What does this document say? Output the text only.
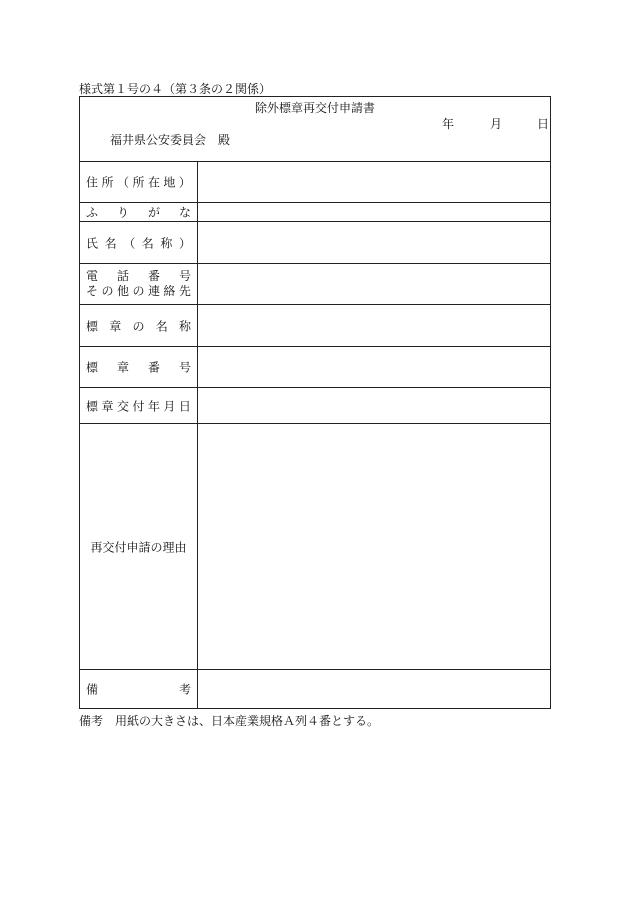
様式第１号の４（第３条の２関係）
除外標章再交付申請書
年	月	日
福井県公安委員会　殿
住 所 （ 所 在 地 ）
ふ り が な
氏 名 （ 名 称 ）
電 話 番 号
そ の 他 の 連 絡 先
標 章 の 名 称
標 章 番 号
標 章 交 付 年 月 日
再交付申請の理由
備	考
備考　用紙の大きさは、日本産業規格Ａ列４番とする。
